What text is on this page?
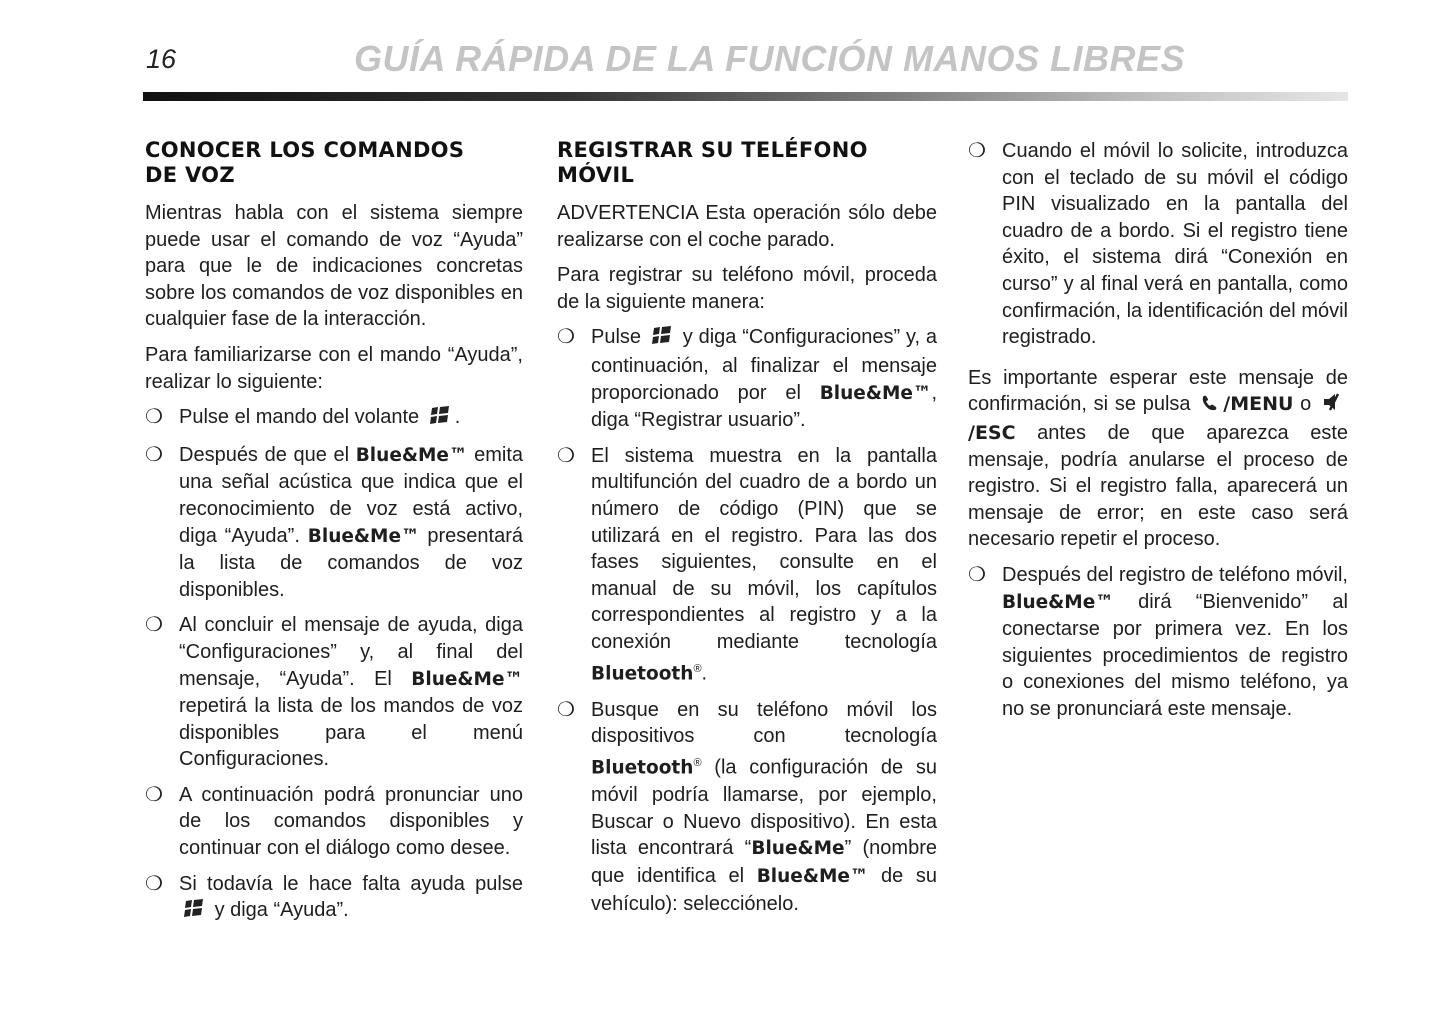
16	GUÍA RÁPIDA DE LA FUNCIÓN MANOS LIBRES
CONOCER LOS COMANDOS
DE VOZ

Mientras habla con el sistema siempre puede usar el comando de voz “Ayuda” para que le de indicaciones concretas sobre los comandos de voz disponibles en cualquier fase de la interacción.

Para familiarizarse con el mando “Ayuda”, realizar lo siguiente:

❍ Pulse el mando del volante .
❍ Después de que el Blue&Me™ emita una señal acústica que indica que el reconocimiento de voz está activo, diga “Ayuda”. Blue&Me™ presentará la lista de comandos de voz disponibles.
❍ Al concluir el mensaje de ayuda, diga “Configuraciones” y, al final del mensaje, “Ayuda”. El Blue&Me™ repetirá la lista de los mandos de voz disponibles para el menú Configuraciones.
❍ A continuación podrá pronunciar uno de los comandos disponibles y continuar con el diálogo como desee.
❍ Si todavía le hace falta ayuda pulse  y diga “Ayuda”.
REGISTRAR SU TELÉFONO
MÓVIL

ADVERTENCIA Esta operación sólo debe realizarse con el coche parado.

Para registrar su teléfono móvil, proceda de la siguiente manera:

❍ Pulse y diga “Configuraciones” y, a continuación, al finalizar el mensaje proporcionado por el Blue&Me™, diga “Registrar usuario”.
❍ El sistema muestra en la pantalla multifunción del cuadro de a bordo un número de código (PIN) que se utilizará en el registro. Para las dos fases siguientes, consulte en el manual de su móvil, los capítulos correspondientes al registro y a la conexión mediante tecnología Bluetooth®.
❍ Busque en su teléfono móvil los dispositivos con tecnología Bluetooth® (la configuración de su móvil podría llamarse, por ejemplo, Buscar o Nuevo dispositivo). En esta lista encontrará “Blue&Me” (nombre que identifica el Blue&Me™ de su vehículo): selecciónelo.
❍ Cuando el móvil lo solicite, introduzca con el teclado de su móvil el código PIN visualizado en la pantalla del cuadro de a bordo. Si el registro tiene éxito, el sistema dirá “Conexión en curso” y al final verá en pantalla, como confirmación, la identificación del móvil registrado.

Es importante esperar este mensaje de confirmación, si se pulsa /MENU o /ESC antes de que aparezca este mensaje, podría anularse el proceso de registro. Si el registro falla, aparecerá un mensaje de error; en este caso será necesario repetir el proceso.

❍ Después del registro de teléfono móvil, Blue&Me™ dirá “Bienvenido” al conectarse por primera vez. En los siguientes procedimientos de registro o conexiones del mismo teléfono, ya no se pronunciará este mensaje.
